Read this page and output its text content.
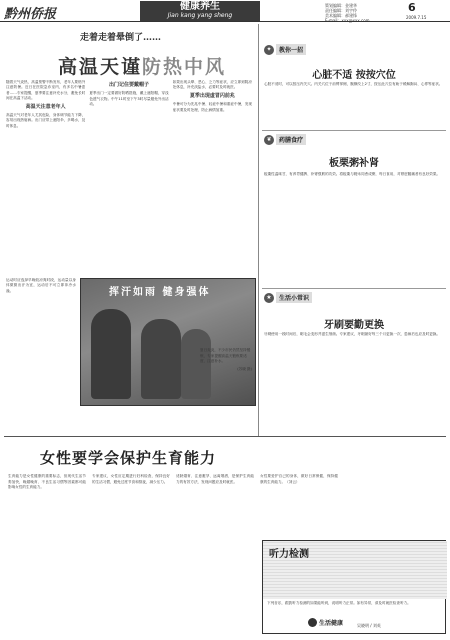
黔州侨报
健康养生
Jian kang yang sheng
策划编辑：金建华
责任编辑：刘宇伶
美术编辑：郝建锋
E-mail：xxx@xxx.com
6
2009.7.15
走着走着晕倒了……
高温天谨防热中风
随着天气炎热，高温预警不断发布，老年人要格外注意防暑。近日在医院急诊室内，有多名中暑患者……专家提醒，夏季要注意补充水分，避免长时间在高温下活动。
高温天注意老年人
高温天气对老年人尤其危险，身体调节能力下降，容易出现热射病。出门应带上遮阳伞，多喝水，及时休息。
出门记住要戴帽子
夏季出门一定要做好防晒措施，戴上遮阳帽，穿浅色透气衣物。中午11时至下午3时尽量避免外出活动。
如果出现头晕、恶心、乏力等症状，应立即到阴凉处休息，补充淡盐水，必要时及时就医。
夏季出现虚冒闪前兆
中暑可分为先兆中暑、轻症中暑和重症中暑，发现症状要及时处理，防止病情加重。
运动时应选择早晚较凉爽时段，运动量以身体微微出汗为宜，运动后不可立即冲冷水澡。	挥汗如雨 健身强体
夏日炎炎，不少市民仍然坚持锻炼，专家提醒高温天锻炼要适度，注意补水。
(苏晓 摄)
女性要学会保护生育能力
生育能力是女性健康的重要标志，但现代生活节奏加快，晚婚晚育、不良生活习惯等因素都可能影响女性的生育能力。
专家建议，女性应定期进行妇科检查，保持良好的生活习惯，避免过度节食和熬夜，减少压力。
适龄婚育、注意避孕、远离烟酒，是保护生育能力的有效方法，发现问题应及时就医。
女性要爱护自己的身体，做好日常保健，保持健康的生育能力。（刘云）
✦	教你一招
心脏不适 按按穴位
心脏不适时，可以按压内关穴。内关穴位于前臂掌侧，腕横纹上2寸，按压此穴位有助于缓解胸闷、心悸等症状。
❦	药膳食疗
板栗粥补肾
板栗性温味甘，有养胃健脾、补肾强筋的功效。将板栗与粳米同煮成粥，每日食用，对肾虚腰痛者有良好效果。
★	生活小常识
牙刷要勤更换
牙刷使用一段时间后，刷毛会变形并滋生细菌。专家建议，牙刷最好每三个月更换一次，患病后也应及时更换。
听力检测
下列音乐，跟我听力检测的如果能听到，说明听力正常。如有异常，请及时就医检查听力。
吴晓明 / 刘英
生活健康
